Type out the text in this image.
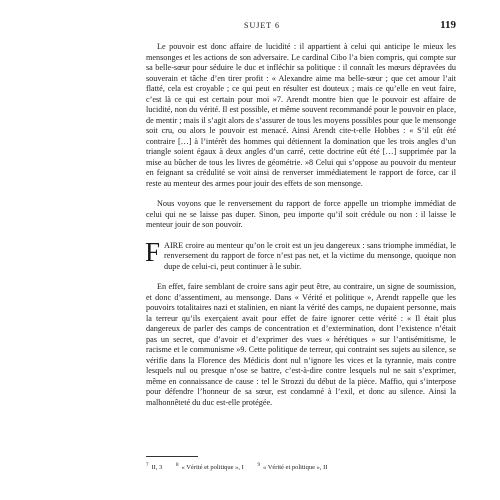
SUJET 6	119

Le pouvoir est donc affaire de lucidité : il appartient à celui qui anticipe le mieux les mensonges et les actions de son adversaire. Le cardinal Cibo l’a bien compris, qui compte sur sa belle-sœur pour séduire le duc et infléchir sa politique : il connaît les mœurs dépravées du souverain et tâche d’en tirer profit : « Alexandre aime ma belle-sœur ; que cet amour l’ait flatté, cela est croyable ; ce qui peut en résulter est douteux ; mais ce qu’elle en veut faire, c’est là ce qui est certain pour moi »7. Arendt montre bien que le pouvoir est affaire de lucidité, non du vérité. Il est possible, et même souvent recommandé pour le pouvoir en place, de mentir ; mais il s’agit alors de s’assurer de tous les moyens possibles pour que le mensonge soit cru, ou alors le pouvoir est menacé. Ainsi Arendt cite-t-elle Hobbes : « S’il eût été contraire […] à l’intérêt des hommes qui détiennent la domination que les trois angles d’un triangle soient égaux à deux angles d’un carré, cette doctrine eût été […] supprimée par la mise au bûcher de tous les livres de géométrie. »8 Celui qui s’oppose au pouvoir du menteur en feignant sa crédulité se voit ainsi de renverser immédiatement le rapport de force, car il reste au menteur des armes pour jouir des effets de son mensonge.

Nous voyons que le renversement du rapport de force appelle un triomphe immédiat de celui qui ne se laisse pas duper. Sinon, peu importe qu’il soit crédule ou non : il laisse le menteur jouir de son pouvoir.

FAIRE croire au menteur qu’on le croit est un jeu dangereux : sans triomphe immédiat, le renversement du rapport de force n’est pas net, et la victime du mensonge, quoique non dupe de celui-ci, peut continuer à le subir.

En effet, faire semblant de croire sans agir peut être, au contraire, un signe de soumission, et donc d’assentiment, au mensonge. Dans « Vérité et politique », Arendt rappelle que les pouvoirs totalitaires nazi et stalinien, en niant la vérité des camps, ne dupaient personne, mais la terreur qu’ils exerçaient avait pour effet de faire ignorer cette vérité : « Il était plus dangereux de parler des camps de concentration et d’extermination, dont l’existence n’était pas un secret, que d’avoir et d’exprimer des vues « hérétiques » sur l’antisémitisme, le racisme et le communisme »9. Cette politique de terreur, qui contraint ses sujets au silence, se vérifie dans la Florence des Médicis dont nul n’ignore les vices et la tyrannie, mais contre lesquels nul ou presque n’ose se battre, c’est-à-dire contre lesquels nul ne sait s’exprimer, même en connaissance de cause : tel le Strozzi du début de la pièce. Maffio, qui s’interpose pour défendre l’honneur de sa sœur, est condamné à l’exil, et donc au silence. Ainsi la malhonnêteté du duc est-elle protégée.

$^7$ II, 3	$^8$ « Vérité et politique », I	$^9$ « Vérité et politique », II
